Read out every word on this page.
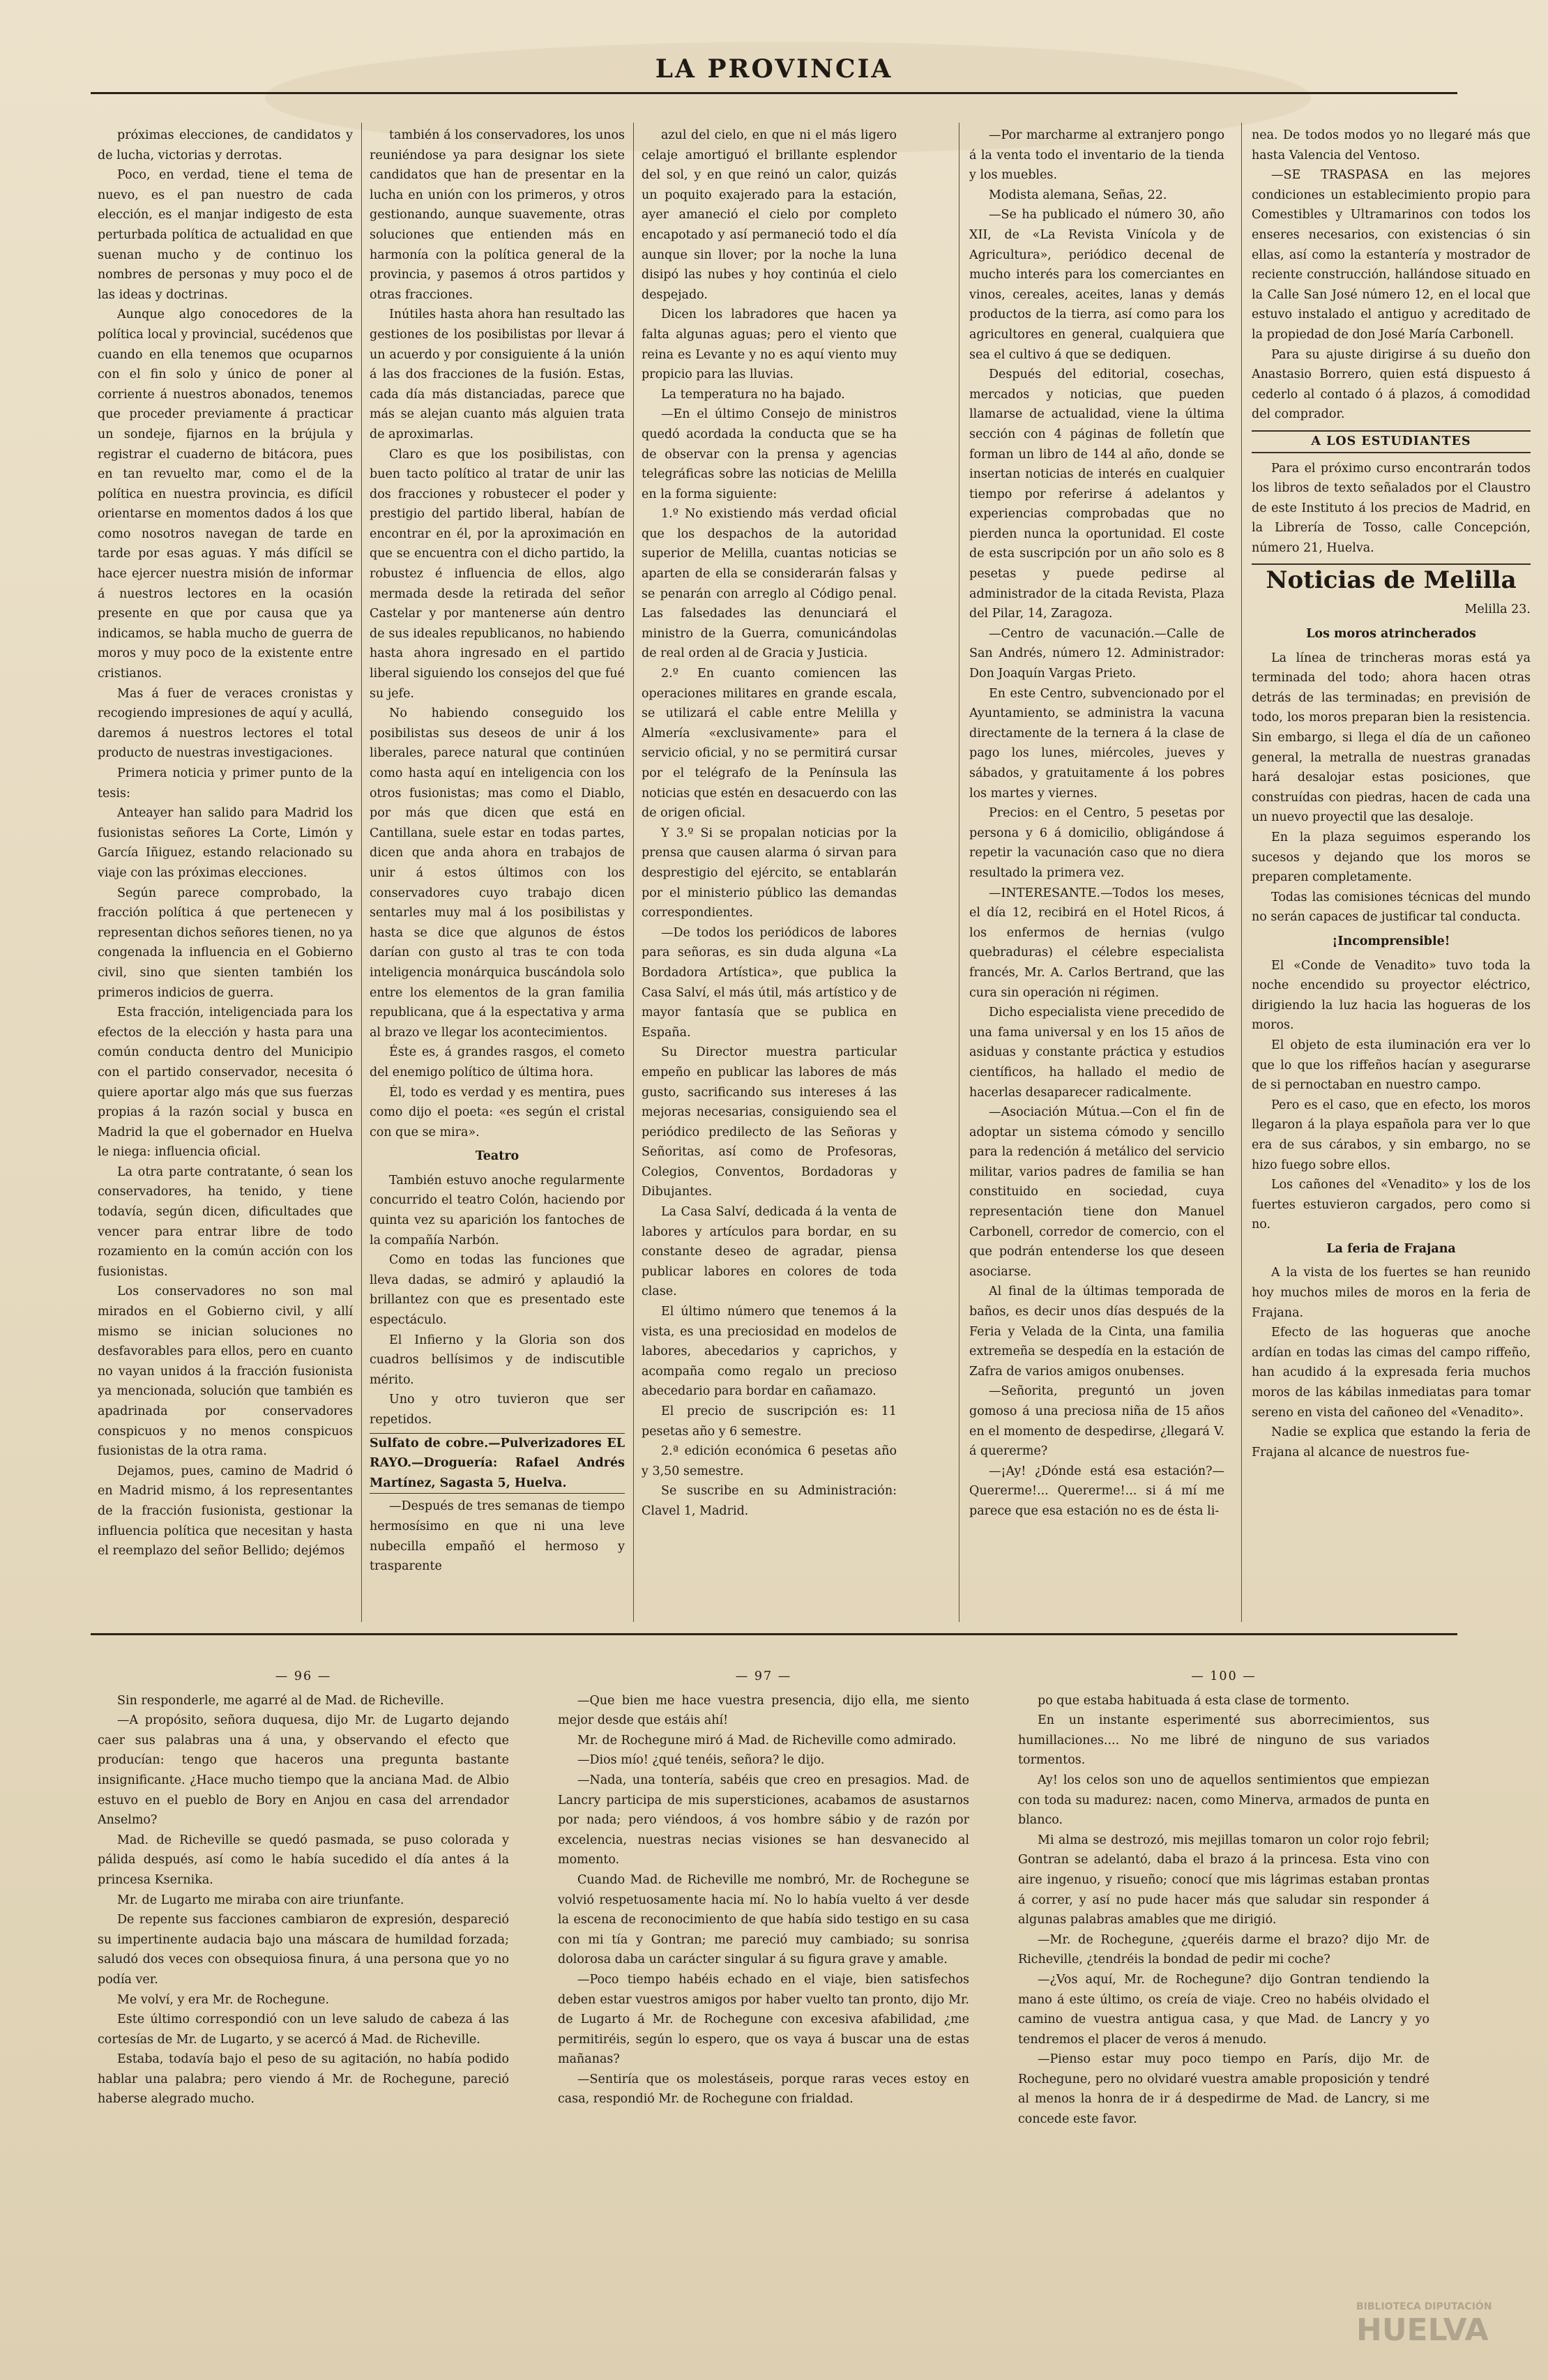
LA PROVINCIA

próximas elecciones, de candidatos y de lucha, victorias y derrotas.

Poco, en verdad, tiene el tema de nuevo, es el pan nuestro de cada elección, es el manjar indigesto de esta perturbada política de actualidad en que suenan mucho y de continuo los nombres de personas y muy poco el de las ideas y doctrinas.

Aunque algo conocedores de la política local y provincial, sucédenos que cuando en ella tenemos que ocuparnos con el fin solo y único de poner al corriente á nuestros abonados, tenemos que proceder previamente á practicar un sondeje, fijarnos en la brújula y registrar el cuaderno de bitácora, pues en tan revuelto mar, como el de la política en nuestra provincia, es difícil orientarse en momentos dados á los que como nosotros navegan de tarde en tarde por esas aguas. Y más difícil se hace ejercer nuestra misión de informar á nuestros lectores en la ocasión presente en que por causa que ya indicamos, se habla mucho de guerra de moros y muy poco de la existente entre cristianos.

Mas á fuer de veraces cronistas y recogiendo impresiones de aquí y acullá, daremos á nuestros lectores el total producto de nuestras investigaciones.

Primera noticia y primer punto de la tesis:

Anteayer han salido para Madrid los fusionistas señores La Corte, Limón y García Iñiguez, estando relacionado su viaje con las próximas elecciones.

Según parece comprobado, la fracción política á que pertenecen y representan dichos señores tienen, no ya congenada la influencia en el Gobierno civil, sino que sienten también los primeros indicios de guerra.

Esta fracción, inteligenciada para los efectos de la elección y hasta para una común conducta dentro del Municipio con el partido conservador, necesita ó quiere aportar algo más que sus fuerzas propias á la razón social y busca en Madrid la que el gobernador en Huelva le niega: influencia oficial.

La otra parte contratante, ó sean los conservadores, ha tenido, y tiene todavía, según dicen, dificultades que vencer para entrar libre de todo rozamiento en la común acción con los fusionistas.

Los conservadores no son mal mirados en el Gobierno civil, y allí mismo se inician soluciones no desfavorables para ellos, pero en cuanto no vayan unidos á la fracción fusionista ya mencionada, solución que también es apadrinada por conservadores conspicuos y no menos conspicuos fusionistas de la otra rama.

Dejamos, pues, camino de Madrid ó en Madrid mismo, á los representantes de la fracción fusionista, gestionar la influencia política que necesitan y hasta el reemplazo del señor Bellido; dejémos

también á los conservadores, los unos reuniéndose ya para designar los siete candidatos que han de presentar en la lucha en unión con los primeros, y otros gestionando, aunque suavemente, otras soluciones que entienden más en harmonía con la política general de la provincia, y pasemos á otros partidos y otras fracciones.

Inútiles hasta ahora han resultado las gestiones de los posibilistas por llevar á un acuerdo y por consiguiente á la unión á las dos fracciones de la fusión. Estas, cada día más distanciadas, parece que más se alejan cuanto más alguien trata de aproximarlas.

Claro es que los posibilistas, con buen tacto político al tratar de unir las dos fracciones y robustecer el poder y prestigio del partido liberal, habían de encontrar en él, por la aproximación en que se encuentra con el dicho partido, la robustez é influencia de ellos, algo mermada desde la retirada del señor Castelar y por mantenerse aún dentro de sus ideales republicanos, no habiendo hasta ahora ingresado en el partido liberal siguiendo los consejos del que fué su jefe.

No habiendo conseguido los posibilistas sus deseos de unir á los liberales, parece natural que continúen como hasta aquí en inteligencia con los otros fusionistas; mas como el Diablo, por más que dicen que está en Cantillana, suele estar en todas partes, dicen que anda ahora en trabajos de unir á estos últimos con los conservadores cuyo trabajo dicen sentarles muy mal á los posibilistas y hasta se dice que algunos de éstos darían con gusto al tras te con toda inteligencia monárquica buscándola solo entre los elementos de la gran familia republicana, que á la espectativa y arma al brazo ve llegar los acontecimientos.

Éste es, á grandes rasgos, el cometo del enemigo político de última hora.

Él, todo es verdad y es mentira, pues como dijo el poeta: «es según el cristal con que se mira».

Teatro

También estuvo anoche regularmente concurrido el teatro Colón, haciendo por quinta vez su aparición los fantoches de la compañía Narbón.

Como en todas las funciones que lleva dadas, se admiró y aplaudió la brillantez con que es presentado este espectáculo.

El Infierno y la Gloria son dos cuadros bellísimos y de indiscutible mérito.

Uno y otro tuvieron que ser repetidos.

Sulfato de cobre.—Pulverizadores EL RAYO.—Droguería: Rafael Andrés Martínez, Sagasta 5, Huelva.

—Después de tres semanas de tiempo hermosísimo en que ni una leve nubecilla empañó el hermoso y trasparente

azul del cielo, en que ni el más ligero celaje amortiguó el brillante esplendor del sol, y en que reinó un calor, quizás un poquito exajerado para la estación, ayer amaneció el cielo por completo encapotado y así permaneció todo el día aunque sin llover; por la noche la luna disipó las nubes y hoy continúa el cielo despejado.

Dicen los labradores que hacen ya falta algunas aguas; pero el viento que reina es Levante y no es aquí viento muy propicio para las lluvias.

La temperatura no ha bajado.

—En el último Consejo de ministros quedó acordada la conducta que se ha de observar con la prensa y agencias telegráficas sobre las noticias de Melilla en la forma siguiente:

1.º No existiendo más verdad oficial que los despachos de la autoridad superior de Melilla, cuantas noticias se aparten de ella se considerarán falsas y se penarán con arreglo al Código penal. Las falsedades las denunciará el ministro de la Guerra, comunicándolas de real orden al de Gracia y Justicia.

2.º En cuanto comiencen las operaciones militares en grande escala, se utilizará el cable entre Melilla y Almería «exclusivamente» para el servicio oficial, y no se permitirá cursar por el telégrafo de la Península las noticias que estén en desacuerdo con las de origen oficial.

Y 3.º Si se propalan noticias por la prensa que causen alarma ó sirvan para desprestigio del ejército, se entablarán por el ministerio público las demandas correspondientes.

—De todos los periódicos de labores para señoras, es sin duda alguna «La Bordadora Artística», que publica la Casa Salví, el más útil, más artístico y de mayor fantasía que se publica en España.

Su Director muestra particular empeño en publicar las labores de más gusto, sacrificando sus intereses á las mejoras necesarias, consiguiendo sea el periódico predilecto de las Señoras y Señoritas, así como de Profesoras, Colegios, Conventos, Bordadoras y Dibujantes.

La Casa Salví, dedicada á la venta de labores y artículos para bordar, en su constante deseo de agradar, piensa publicar labores en colores de toda clase.

El último número que tenemos á la vista, es una preciosidad en modelos de labores, abecedarios y caprichos, y acompaña como regalo un precioso abecedario para bordar en cañamazo.

El precio de suscripción es: 11 pesetas año y 6 semestre.

2.ª edición económica 6 pesetas año y 3,50 semestre.

Se suscribe en su Administración: Clavel 1, Madrid.

—Por marcharme al extranjero pongo á la venta todo el inventario de la tienda y los muebles.

Modista alemana, Señas, 22.

—Se ha publicado el número 30, año XII, de «La Revista Vinícola y de Agricultura», periódico decenal de mucho interés para los comerciantes en vinos, cereales, aceites, lanas y demás productos de la tierra, así como para los agricultores en general, cualquiera que sea el cultivo á que se dediquen.

Después del editorial, cosechas, mercados y noticias, que pueden llamarse de actualidad, viene la última sección con 4 páginas de folletín que forman un libro de 144 al año, donde se insertan noticias de interés en cualquier tiempo por referirse á adelantos y experiencias comprobadas que no pierden nunca la oportunidad. El coste de esta suscripción por un año solo es 8 pesetas y puede pedirse al administrador de la citada Revista, Plaza del Pilar, 14, Zaragoza.

—Centro de vacunación.—Calle de San Andrés, número 12. Administrador: Don Joaquín Vargas Prieto.

En este Centro, subvencionado por el Ayuntamiento, se administra la vacuna directamente de la ternera á la clase de pago los lunes, miércoles, jueves y sábados, y gratuitamente á los pobres los martes y viernes.

Precios: en el Centro, 5 pesetas por persona y 6 á domicilio, obligándose á repetir la vacunación caso que no diera resultado la primera vez.

—INTERESANTE.—Todos los meses, el día 12, recibirá en el Hotel Ricos, á los enfermos de hernias (vulgo quebraduras) el célebre especialista francés, Mr. A. Carlos Bertrand, que las cura sin operación ni régimen.

Dicho especialista viene precedido de una fama universal y en los 15 años de asiduas y constante práctica y estudios científicos, ha hallado el medio de hacerlas desaparecer radicalmente.

—Asociación Mútua.—Con el fin de adoptar un sistema cómodo y sencillo para la redención á metálico del servicio militar, varios padres de familia se han constituido en sociedad, cuya representación tiene don Manuel Carbonell, corredor de comercio, con el que podrán entenderse los que deseen asociarse.

Al final de la últimas temporada de baños, es decir unos días después de la Feria y Velada de la Cinta, una familia extremeña se despedía en la estación de Zafra de varios amigos onubenses.

—Señorita, preguntó un joven gomoso á una preciosa niña de 15 años en el momento de despedirse, ¿llegará V. á quererme?

—¡Ay! ¿Dónde está esa estación?—Quererme!... Quererme!... si á mí me parece que esa estación no es de ésta li-

nea. De todos modos yo no llegaré más que hasta Valencia del Ventoso.

—SE TRASPASA en las mejores condiciones un establecimiento propio para Comestibles y Ultramarinos con todos los enseres necesarios, con existencias ó sin ellas, así como la estantería y mostrador de reciente construcción, hallándose situado en la Calle San José número 12, en el local que estuvo instalado el antiguo y acreditado de la propiedad de don José María Carbonell.

Para su ajuste dirigirse á su dueño don Anastasio Borrero, quien está dispuesto á cederlo al contado ó á plazos, á comodidad del comprador.

A LOS ESTUDIANTES

Para el próximo curso encontrarán todos los libros de texto señalados por el Claustro de este Instituto á los precios de Madrid, en la Librería de Tosso, calle Concepción, número 21, Huelva.

Noticias de Melilla

Melilla 23.

Los moros atrincherados

La línea de trincheras moras está ya terminada del todo; ahora hacen otras detrás de las terminadas; en previsión de todo, los moros preparan bien la resistencia. Sin embargo, si llega el día de un cañoneo general, la metralla de nuestras granadas hará desalojar estas posiciones, que construídas con piedras, hacen de cada una un nuevo proyectil que las desaloje.

En la plaza seguimos esperando los sucesos y dejando que los moros se preparen completamente.

Todas las comisiones técnicas del mundo no serán capaces de justificar tal conducta.

¡Incomprensible!

El «Conde de Venadito» tuvo toda la noche encendido su proyector eléctrico, dirigiendo la luz hacia las hogueras de los moros.

El objeto de esta iluminación era ver lo que lo que los riffeños hacían y asegurarse de si pernoctaban en nuestro campo.

Pero es el caso, que en efecto, los moros llegaron á la playa española para ver lo que era de sus cárabos, y sin embargo, no se hizo fuego sobre ellos.

Los cañones del «Venadito» y los de los fuertes estuvieron cargados, pero como si no.

La feria de Frajana

A la vista de los fuertes se han reunido hoy muchos miles de moros en la feria de Frajana.

Efecto de las hogueras que anoche ardían en todas las cimas del campo riffeño, han acudido á la expresada feria muchos moros de las kábilas inmediatas para tomar sereno en vista del cañoneo del «Venadito».

Nadie se explica que estando la feria de Frajana al alcance de nuestros fue-

— 96 —

Sin responderle, me agarré al de Mad. de Richeville.

—A propósito, señora duquesa, dijo Mr. de Lugarto dejando caer sus palabras una á una, y observando el efecto que producían: tengo que haceros una pregunta bastante insignificante. ¿Hace mucho tiempo que la anciana Mad. de Albio estuvo en el pueblo de Bory en Anjou en casa del arrendador Anselmo?

Mad. de Richeville se quedó pasmada, se puso colorada y pálida después, así como le había sucedido el día antes á la princesa Ksernika.

Mr. de Lugarto me miraba con aire triunfante.

De repente sus facciones cambiaron de expresión, despareció su impertinente audacia bajo una máscara de humildad forzada; saludó dos veces con obsequiosa finura, á una persona que yo no podía ver.

Me volví, y era Mr. de Rochegune.

Este último correspondió con un leve saludo de cabeza á las cortesías de Mr. de Lugarto, y se acercó á Mad. de Richeville.

Estaba, todavía bajo el peso de su agitación, no había podido hablar una palabra; pero viendo á Mr. de Rochegune, pareció haberse alegrado mucho.

— 97 —

—Que bien me hace vuestra presencia, dijo ella, me siento mejor desde que estáis ahí!

Mr. de Rochegune miró á Mad. de Richeville como admirado.

—Dios mío! ¿qué tenéis, señora? le dijo.

—Nada, una tontería, sabéis que creo en presagios. Mad. de Lancry participa de mis supersticiones, acabamos de asustarnos por nada; pero viéndoos, á vos hombre sábio y de razón por excelencia, nuestras necias visiones se han desvanecido al momento.

Cuando Mad. de Richeville me nombró, Mr. de Rochegune se volvió respetuosamente hacia mí. No lo había vuelto á ver desde la escena de reconocimiento de que había sido testigo en su casa con mi tía y Gontran; me pareció muy cambiado; su sonrisa dolorosa daba un carácter singular á su figura grave y amable.

—Poco tiempo habéis echado en el viaje, bien satisfechos deben estar vuestros amigos por haber vuelto tan pronto, dijo Mr. de Lugarto á Mr. de Rochegune con excesiva afabilidad, ¿me permitiréis, según lo espero, que os vaya á buscar una de estas mañanas?

—Sentiría que os molestáseis, porque raras veces estoy en casa, respondió Mr. de Rochegune con frialdad.

— 100 —

po que estaba habituada á esta clase de tormento.

En un instante esperimenté sus aborrecimientos, sus humillaciones.... No me libré de ninguno de sus variados tormentos.

Ay! los celos son uno de aquellos sentimientos que empiezan con toda su madurez: nacen, como Minerva, armados de punta en blanco.

Mi alma se destrozó, mis mejillas tomaron un color rojo febril; Gontran se adelantó, daba el brazo á la princesa. Esta vino con aire ingenuo, y risueño; conocí que mis lágrimas estaban prontas á correr, y así no pude hacer más que saludar sin responder á algunas palabras amables que me dirigió.

—Mr. de Rochegune, ¿queréis darme el brazo? dijo Mr. de Richeville, ¿tendréis la bondad de pedir mi coche?

—¿Vos aquí, Mr. de Rochegune? dijo Gontran tendiendo la mano á este último, os creía de viaje. Creo no habéis olvidado el camino de vuestra antigua casa, y que Mad. de Lancry y yo tendremos el placer de veros á menudo.

—Pienso estar muy poco tiempo en París, dijo Mr. de Rochegune, pero no olvidaré vuestra amable proposición y tendré al menos la honra de ir á despedirme de Mad. de Lancry, si me concede este favor.

BIBLIOTECA DIPUTACIÓN
HUELVA
